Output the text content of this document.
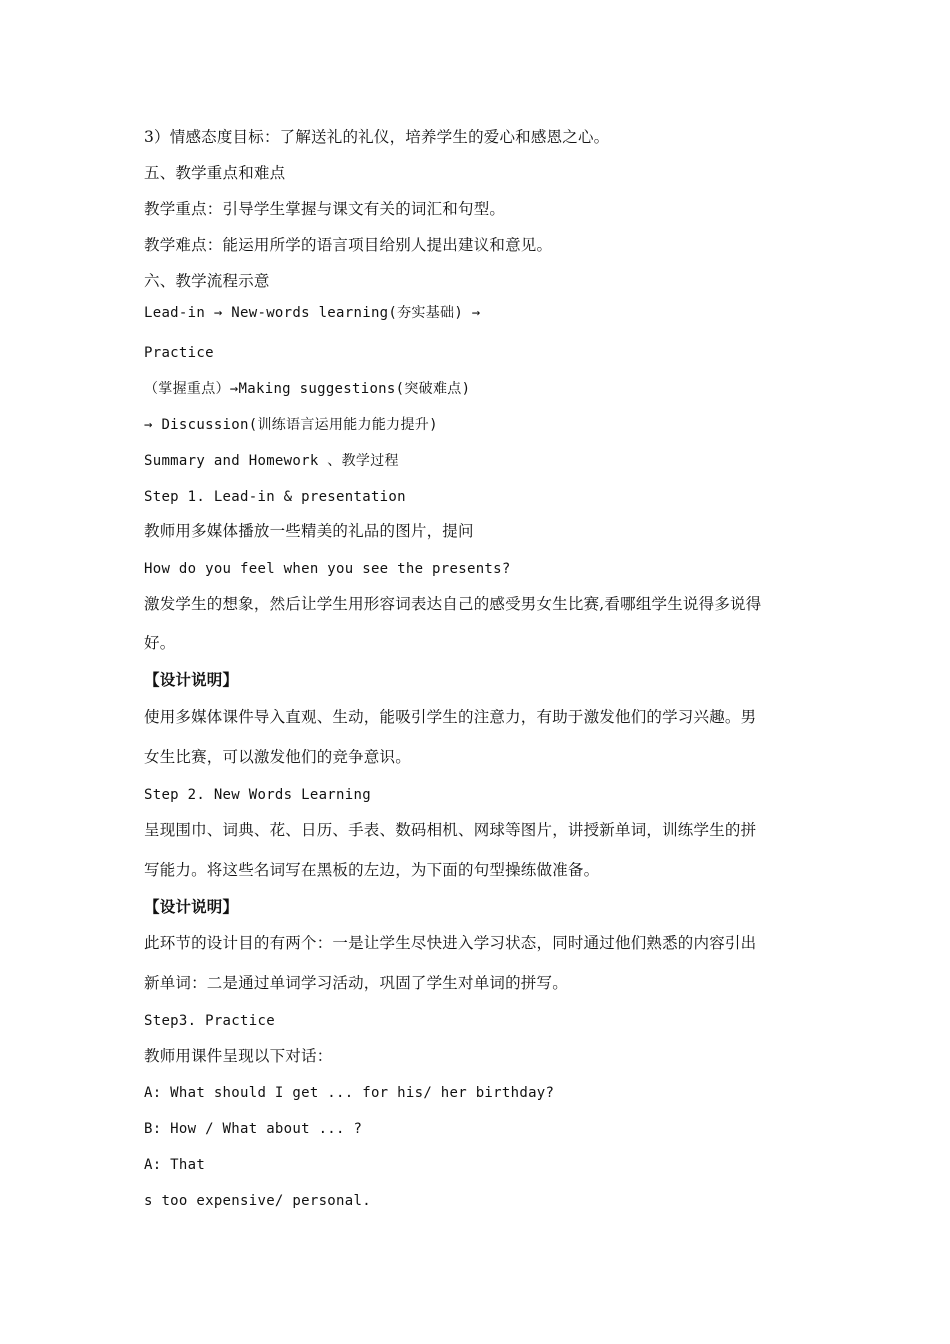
3）情感态度目标：了解送礼的礼仪，培养学生的爱心和感恩之心。
五、教学重点和难点
教学重点：引导学生掌握与课文有关的词汇和句型。
教学难点：能运用所学的语言项目给别人提出建议和意见。
六、教学流程示意
Lead-in → New-words learning(夯实基础) →
Practice
（掌握重点）→Making suggestions(突破难点)
→ Discussion(训练语言运用能力能力提升)
Summary and Homework 、教学过程
Step 1. Lead-in & presentation
教师用多媒体播放一些精美的礼品的图片，提问
How do you feel when you see the presents?
激发学生的想象，然后让学生用形容词表达自己的感受男女生比赛,看哪组学生说得多说得
好。
【设计说明】
使用多媒体课件导入直观、生动，能吸引学生的注意力，有助于激发他们的学习兴趣。男
女生比赛，可以激发他们的竞争意识。
Step 2. New Words Learning
呈现围巾、词典、花、日历、手表、数码相机、网球等图片，讲授新单词，训练学生的拼
写能力。将这些名词写在黑板的左边，为下面的句型操练做准备。
【设计说明】
此环节的设计目的有两个：一是让学生尽快进入学习状态，同时通过他们熟悉的内容引出
新单词：二是通过单词学习活动，巩固了学生对单词的拼写。
Step3. Practice
教师用课件呈现以下对话：
A: What should I get ... for his/ her birthday?
B: How / What about ... ?
A: That
s too expensive/ personal.
